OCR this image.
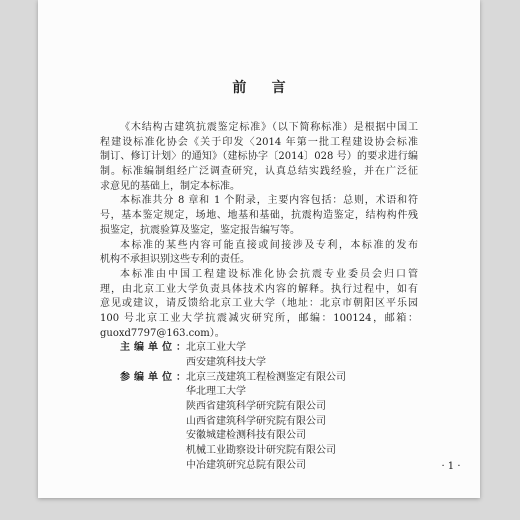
前言
《木结构古建筑抗震鉴定标准》（以下简称标准）是根据中国工
程建设标准化协会《关于印发〈2014 年第一批工程建设协会标准
制订、修订计划〉的通知》（建标协字〔2014〕028 号）的要求进行编
制。标准编制组经广泛调查研究，认真总结实践经验，并在广泛征
求意见的基础上，制定本标准。
本标准共分 8 章和 1 个附录，主要内容包括：总则，术语和符
号，基本鉴定规定，场地、地基和基础，抗震构造鉴定，结构构件残
损鉴定，抗震验算及鉴定，鉴定报告编写等。
本标准的某些内容可能直接或间接涉及专利，本标准的发布
机构不承担识别这些专利的责任。
本标准由中国工程建设标准化协会抗震专业委员会归口管
理，由北京工业大学负责具体技术内容的解释。执行过程中，如有
意见或建议，请反馈给北京工业大学（地址：北京市朝阳区平乐园
100 号北京工业大学抗震减灾研究所，邮编：100124，邮箱：
guoxd7797@163.com）。
主编单位：北京工业大学
西安建筑科技大学
参编单位：北京三茂建筑工程检测鉴定有限公司
华北理工大学
陕西省建筑科学研究院有限公司
山西省建筑科学研究院有限公司
安徽城建检测科技有限公司
机械工业勘察设计研究院有限公司
中冶建筑研究总院有限公司	· 1 ·
